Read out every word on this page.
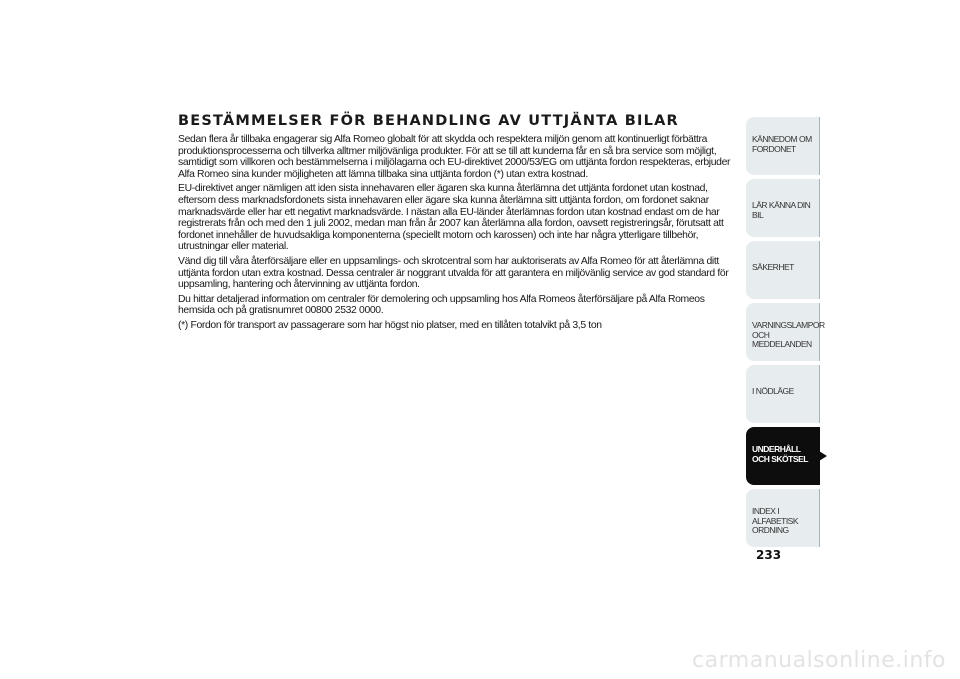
BESTÄMMELSER FÖR BEHANDLING AV UTTJÄNTA BILAR

Sedan flera år tillbaka engagerar sig Alfa Romeo globalt för att skydda och respektera miljön genom att kontinuerligt förbättra produktionsprocesserna och tillverka alltmer miljövänliga produkter. För att se till att kunderna får en så bra service som möjligt, samtidigt som villkoren och bestämmelserna i miljölagarna och EU-direktivet 2000/53/EG om uttjänta fordon respekteras, erbjuder Alfa Romeo sina kunder möjligheten att lämna tillbaka sina uttjänta fordon (*) utan extra kostnad.

EU-direktivet anger nämligen att iden sista innehavaren eller ägaren ska kunna återlämna det uttjänta fordonet utan kostnad, eftersom dess marknadsfordonets sista innehavaren eller ägare ska kunna återlämna sitt uttjänta fordon, om fordonet saknar marknadsvärde eller har ett negativt marknadsvärde. I nästan alla EU-länder återlämnas fordon utan kostnad endast om de har registrerats från och med den 1 juli 2002, medan man från år 2007 kan återlämna alla fordon, oavsett registreringsår, förutsatt att fordonet innehåller de huvudsakliga komponenterna (speciellt motorn och karossen) och inte har några ytterligare tillbehör, utrustningar eller material.

Vänd dig till våra återförsäljare eller en uppsamlings- och skrotcentral som har auktoriserats av Alfa Romeo för att återlämna ditt uttjänta fordon utan extra kostnad. Dessa centraler är noggrant utvalda för att garantera en miljövänlig service av god standard för uppsamling, hantering och återvinning av uttjänta fordon.

Du hittar detaljerad information om centraler för demolering och uppsamling hos Alfa Romeos återförsäljare på Alfa Romeos hemsida och på gratisnumret 00800 2532 0000.

(*) Fordon för transport av passagerare som har högst nio platser, med en tillåten totalvikt på 3,5 ton

KÄNNEDOM OM FORDONET
LÄR KÄNNA DIN BIL
SÄKERHET
VARNINGSLAMPOR OCH MEDDELANDEN
I NÖDLÄGE
UNDERHÅLL OCH SKÖTSEL
INDEX I ALFABETISK ORDNING
233
carmanualsonline.info
